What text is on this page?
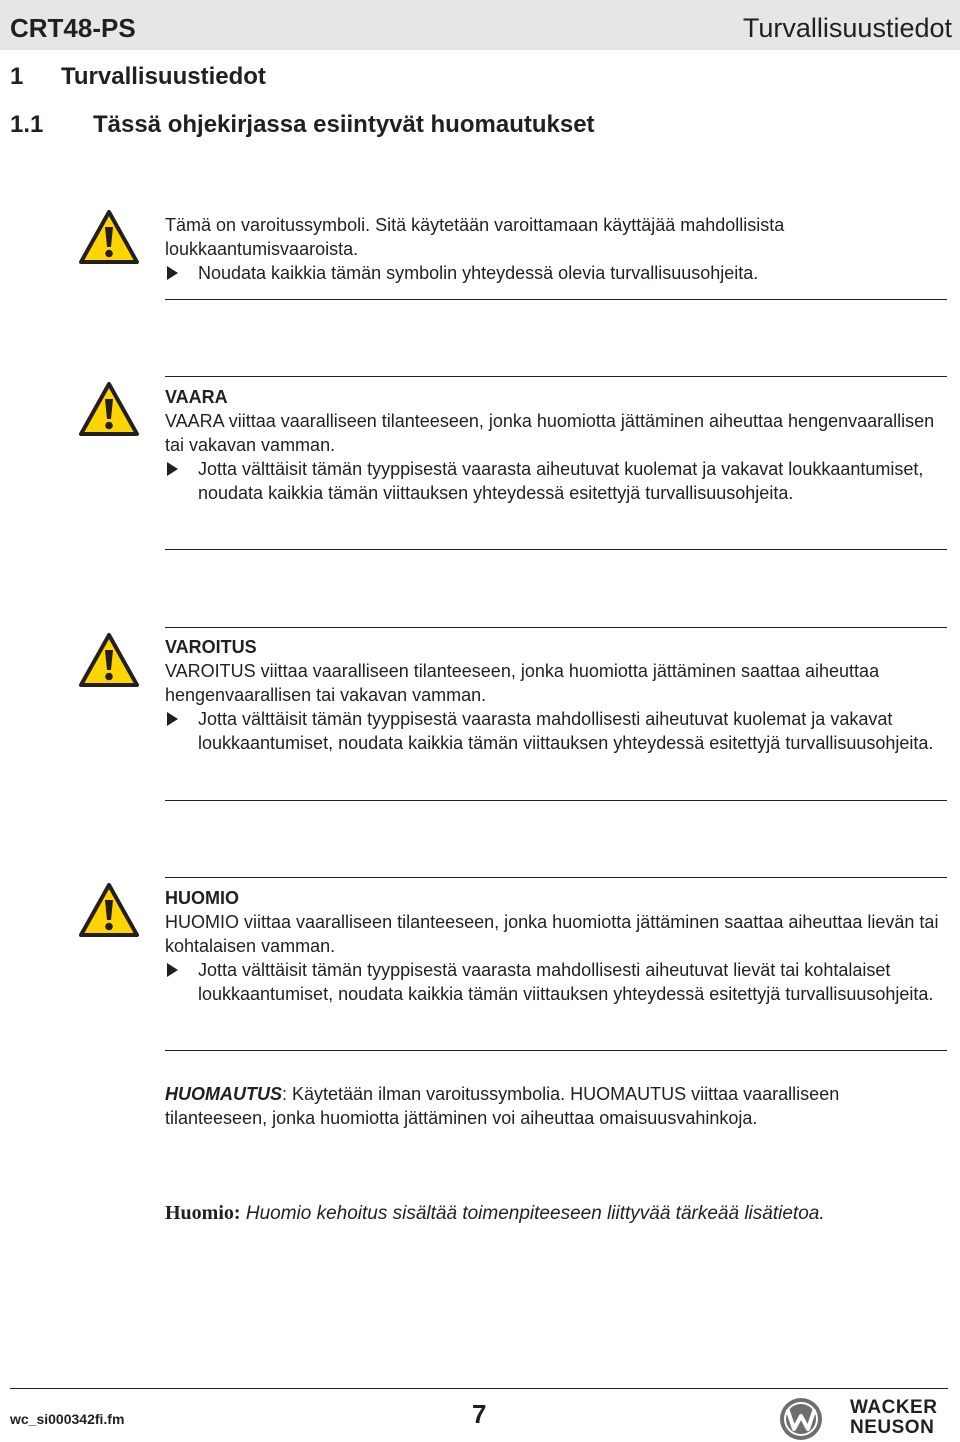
CRT48-PS	Turvallisuustiedot
1 Turvallisuustiedot
1.1 Tässä ohjekirjassa esiintyvät huomautukset
Tämä on varoitussymboli. Sitä käytetään varoittamaan käyttäjää mahdollisista loukkaantumisvaaroista.
Noudata kaikkia tämän symbolin yhteydessä olevia turvallisuusohjeita.
VAARA
VAARA viittaa vaaralliseen tilanteeseen, jonka huomiotta jättäminen aiheuttaa hengenvaarallisen tai vakavan vamman.
Jotta välttäisit tämän tyyppisestä vaarasta aiheutuvat kuolemat ja vakavat loukkaantumiset, noudata kaikkia tämän viittauksen yhteydessä esitettyjä turvallisuusohjeita.
VAROITUS
VAROITUS viittaa vaaralliseen tilanteeseen, jonka huomiotta jättäminen saattaa aiheuttaa hengenvaarallisen tai vakavan vamman.
Jotta välttäisit tämän tyyppisestä vaarasta mahdollisesti aiheutuvat kuolemat ja vakavat loukkaantumiset, noudata kaikkia tämän viittauksen yhteydessä esitettyjä turvallisuusohjeita.
HUOMIO
HUOMIO viittaa vaaralliseen tilanteeseen, jonka huomiotta jättäminen saattaa aiheuttaa lievän tai kohtalaisen vamman.
Jotta välttäisit tämän tyyppisestä vaarasta mahdollisesti aiheutuvat lievät tai kohtalaiset loukkaantumiset, noudata kaikkia tämän viittauksen yhteydessä esitettyjä turvallisuusohjeita.
HUOMAUTUS: Käytetään ilman varoitussymbolia. HUOMAUTUS viittaa vaaralliseen tilanteeseen, jonka huomiotta jättäminen voi aiheuttaa omaisuusvahinkoja.
Huomio: Huomio kehoitus sisältää toimenpiteeseen liittyvää tärkeää lisätietoa.
wc_si000342fi.fm	7	WACKER
NEUSON
